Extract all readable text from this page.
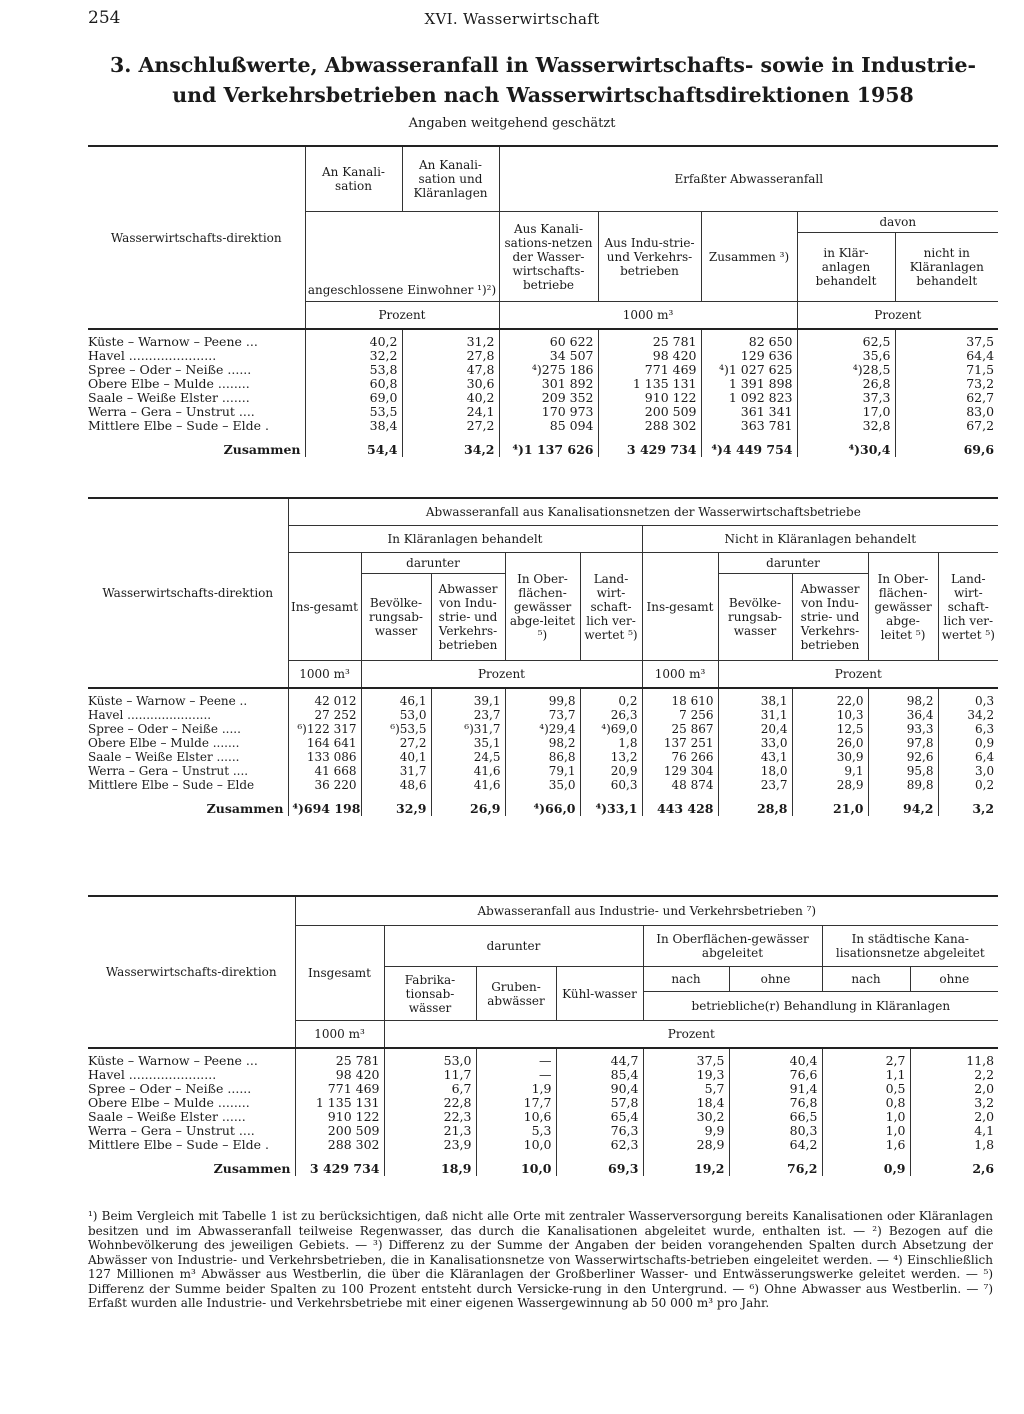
254	XVI. Wasserwirtschaft
3. Anschlußwerte, Abwasseranfall in Wasserwirtschafts- sowie in Industrie- und Verkehrsbetrieben nach Wasserwirtschaftsdirektionen 1958
Angaben weitgehend geschätzt
Wasserwirtschafts-direktion	An Kanali-sation	An Kanali-sation und Kläranlagen	Erfaßter Abwasseranfall				
	angeschlossene Einwohner ¹)²)		Aus Kanali-sations-netzen der Wasser-wirtschafts-betriebe	Aus Indu-strie- und Verkehrs-betrieben	Zusammen ³)	davon	
						in Klär-anlagen behandelt	nicht in Kläranlagen behandelt
	Prozent		1000 m³			Prozent	

Küste – Warnow – Peene ...	40,2	31,2	60 622	25 781	82 650	62,5	37,5
Havel ......................	32,2	27,8	34 507	98 420	129 636	35,6	64,4
Spree – Oder – Neiße ......	53,8	47,8	⁴)275 186	771 469	⁴)1 027 625	⁴)28,5	71,5
Obere Elbe – Mulde ........	60,8	30,6	301 892	1 135 131	1 391 898	26,8	73,2
Saale – Weiße Elster .......	69,0	40,2	209 352	910 122	1 092 823	37,3	62,7
Werra – Gera – Unstrut ....	53,5	24,1	170 973	200 509	361 341	17,0	83,0
Mittlere Elbe – Sude – Elde .	38,4	27,2	85 094	288 302	363 781	32,8	67,2

Zusammen	54,4	34,2	⁴)1 137 626	3 429 734	⁴)4 449 754	⁴)30,4	69,6
Wasserwirtschafts-direktion	Abwasseranfall aus Kanalisationsnetzen der Wasserwirtschaftsbetriebe									
	In Kläranlagen behandelt					Nicht in Kläranlagen behandelt				
	Ins-gesamt	darunter		In Ober-flächen-gewässer abge-leitet ⁵)	Land-wirt-schaft-lich ver-wertet ⁵)	Ins-gesamt	darunter		In Ober-flächen-gewässer abge-leitet ⁵)	Land-wirt-schaft-lich ver-wertet ⁵)
		Bevölke-rungsab-wasser	Abwasser von Indu-strie- und Verkehrs-betrieben				Bevölke-rungsab-wasser	Abwasser von Indu-strie- und Verkehrs-betrieben		
	1000 m³	Prozent				1000 m³	Prozent			

Küste – Warnow – Peene ..	42 012	46,1	39,1	99,8	0,2	18 610	38,1	22,0	98,2	0,3
Havel ......................	27 252	53,0	23,7	73,7	26,3	7 256	31,1	10,3	36,4	34,2
Spree – Oder – Neiße .....	⁶)122 317	⁶)53,5	⁶)31,7	⁴)29,4	⁴)69,0	25 867	20,4	12,5	93,3	6,3
Obere Elbe – Mulde .......	164 641	27,2	35,1	98,2	1,8	137 251	33,0	26,0	97,8	0,9
Saale – Weiße Elster ......	133 086	40,1	24,5	86,8	13,2	76 266	43,1	30,9	92,6	6,4
Werra – Gera – Unstrut ....	41 668	31,7	41,6	79,1	20,9	129 304	18,0	9,1	95,8	3,0
Mittlere Elbe – Sude – Elde	36 220	48,6	41,6	35,0	60,3	48 874	23,7	28,9	89,8	0,2

Zusammen	⁴)694 198	32,9	26,9	⁴)66,0	⁴)33,1	443 428	28,8	21,0	94,2	3,2
Wasserwirtschafts-direktion	Abwasseranfall aus Industrie- und Verkehrsbetrieben ⁷)							
	Insgesamt	darunter			In Oberflächen-gewässer abgeleitet		In städtische Kana-lisationsnetze abgeleitet	
		Fabrika-tionsab-wässer	Gruben-abwässer	Kühl-wasser	nach	ohne	nach	ohne
					betriebliche(r) Behandlung in Kläranlagen			
	1000 m³	Prozent						

Küste – Warnow – Peene ...	25 781	53,0	—	44,7	37,5	40,4	2,7	11,8
Havel ......................	98 420	11,7	—	85,4	19,3	76,6	1,1	2,2
Spree – Oder – Neiße ......	771 469	6,7	1,9	90,4	5,7	91,4	0,5	2,0
Obere Elbe – Mulde ........	1 135 131	22,8	17,7	57,8	18,4	76,8	0,8	3,2
Saale – Weiße Elster ......	910 122	22,3	10,6	65,4	30,2	66,5	1,0	2,0
Werra – Gera – Unstrut ....	200 509	21,3	5,3	76,3	9,9	80,3	1,0	4,1
Mittlere Elbe – Sude – Elde .	288 302	23,9	10,0	62,3	28,9	64,2	1,6	1,8

Zusammen	3 429 734	18,9	10,0	69,3	19,2	76,2	0,9	2,6
¹) Beim Vergleich mit Tabelle 1 ist zu berücksichtigen, daß nicht alle Orte mit zentraler Wasserversorgung bereits Kanalisationen oder Kläranlagen besitzen und im Abwasseranfall teilweise Regenwasser, das durch die Kanalisationen abgeleitet wurde, enthalten ist. — ²) Bezogen auf die Wohnbevölkerung des jeweiligen Gebiets. — ³) Differenz zu der Summe der Angaben der beiden vorangehenden Spalten durch Absetzung der Abwässer von Industrie- und Verkehrsbetrieben, die in Kanalisationsnetze von Wasserwirtschafts-betrieben eingeleitet werden. — ⁴) Einschließlich 127 Millionen m³ Abwässer aus Westberlin, die über die Kläranlagen der Großberliner Wasser- und Entwässerungswerke geleitet werden. — ⁵) Differenz der Summe beider Spalten zu 100 Prozent entsteht durch Versicke-rung in den Untergrund. — ⁶) Ohne Abwasser aus Westberlin. — ⁷) Erfaßt wurden alle Industrie- und Verkehrsbetriebe mit einer eigenen Wassergewinnung ab 50 000 m³ pro Jahr.
